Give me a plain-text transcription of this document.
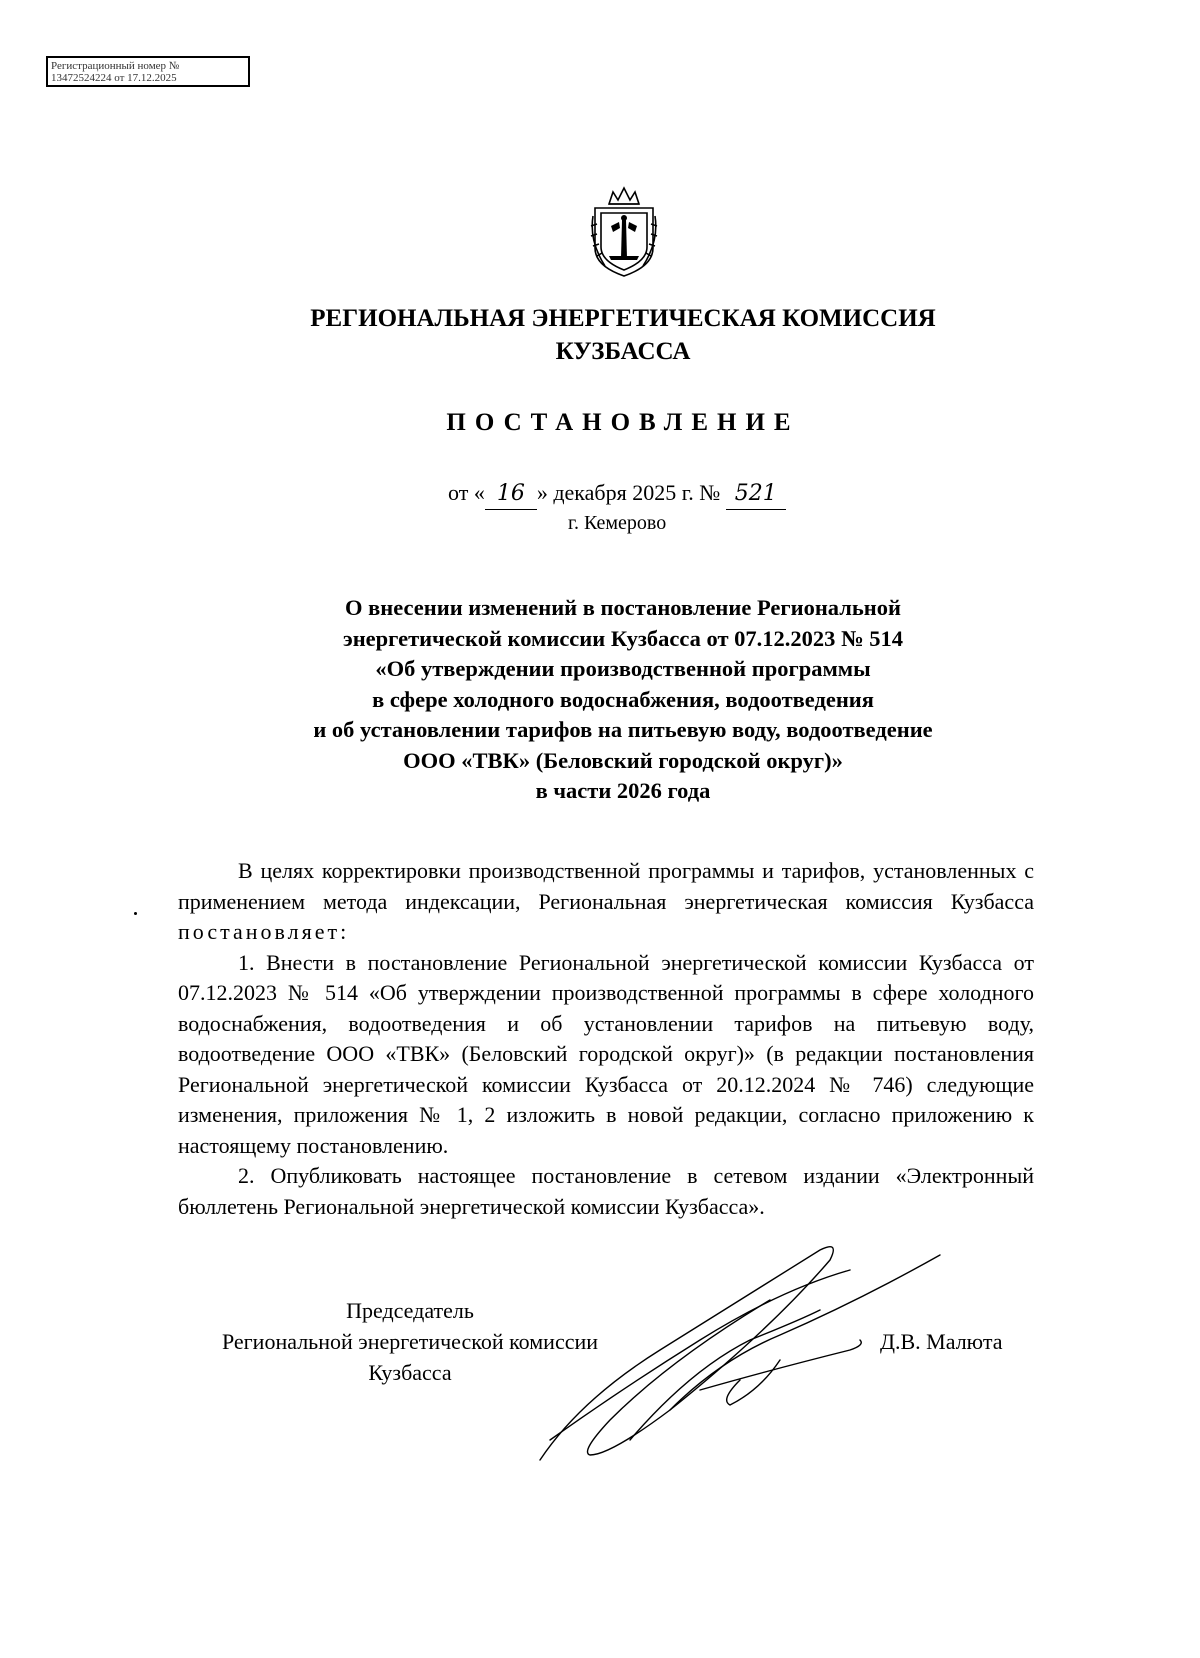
Регистрационный номер №
13472524224 от 17.12.2025
РЕГИОНАЛЬНАЯ ЭНЕРГЕТИЧЕСКАЯ КОМИССИЯ
КУЗБАССА
ПОСТАНОВЛЕНИЕ
от « 16 » декабря 2025 г. № 521
г. Кемерово
О внесении изменений в постановление Региональной
энергетической комиссии Кузбасса от 07.12.2023 № 514
«Об утверждении производственной программы
в сфере холодного водоснабжения, водоотведения
и об установлении тарифов на питьевую воду, водоотведение
ООО «ТВК» (Беловский городской округ)»
в части 2026 года

В целях корректировки производственной программы и тарифов, установленных с применением метода индексации, Региональная энергетическая комиссия Кузбасса постановляет:

1. Внести в постановление Региональной энергетической комиссии Кузбасса от 07.12.2023 № 514 «Об утверждении производственной программы в сфере холодного водоснабжения, водоотведения и об установлении тарифов на питьевую воду, водоотведение ООО «ТВК» (Беловский городской округ)» (в редакции постановления Региональной энергетической комиссии Кузбасса от 20.12.2024 № 746) следующие изменения, приложения № 1, 2 изложить в новой редакции, согласно приложению к настоящему постановлению.

2. Опубликовать настоящее постановление в сетевом издании «Электронный бюллетень Региональной энергетической комиссии Кузбасса».

Председатель
Региональной энергетической комиссии
Кузбасса
Д.В. Малюта
